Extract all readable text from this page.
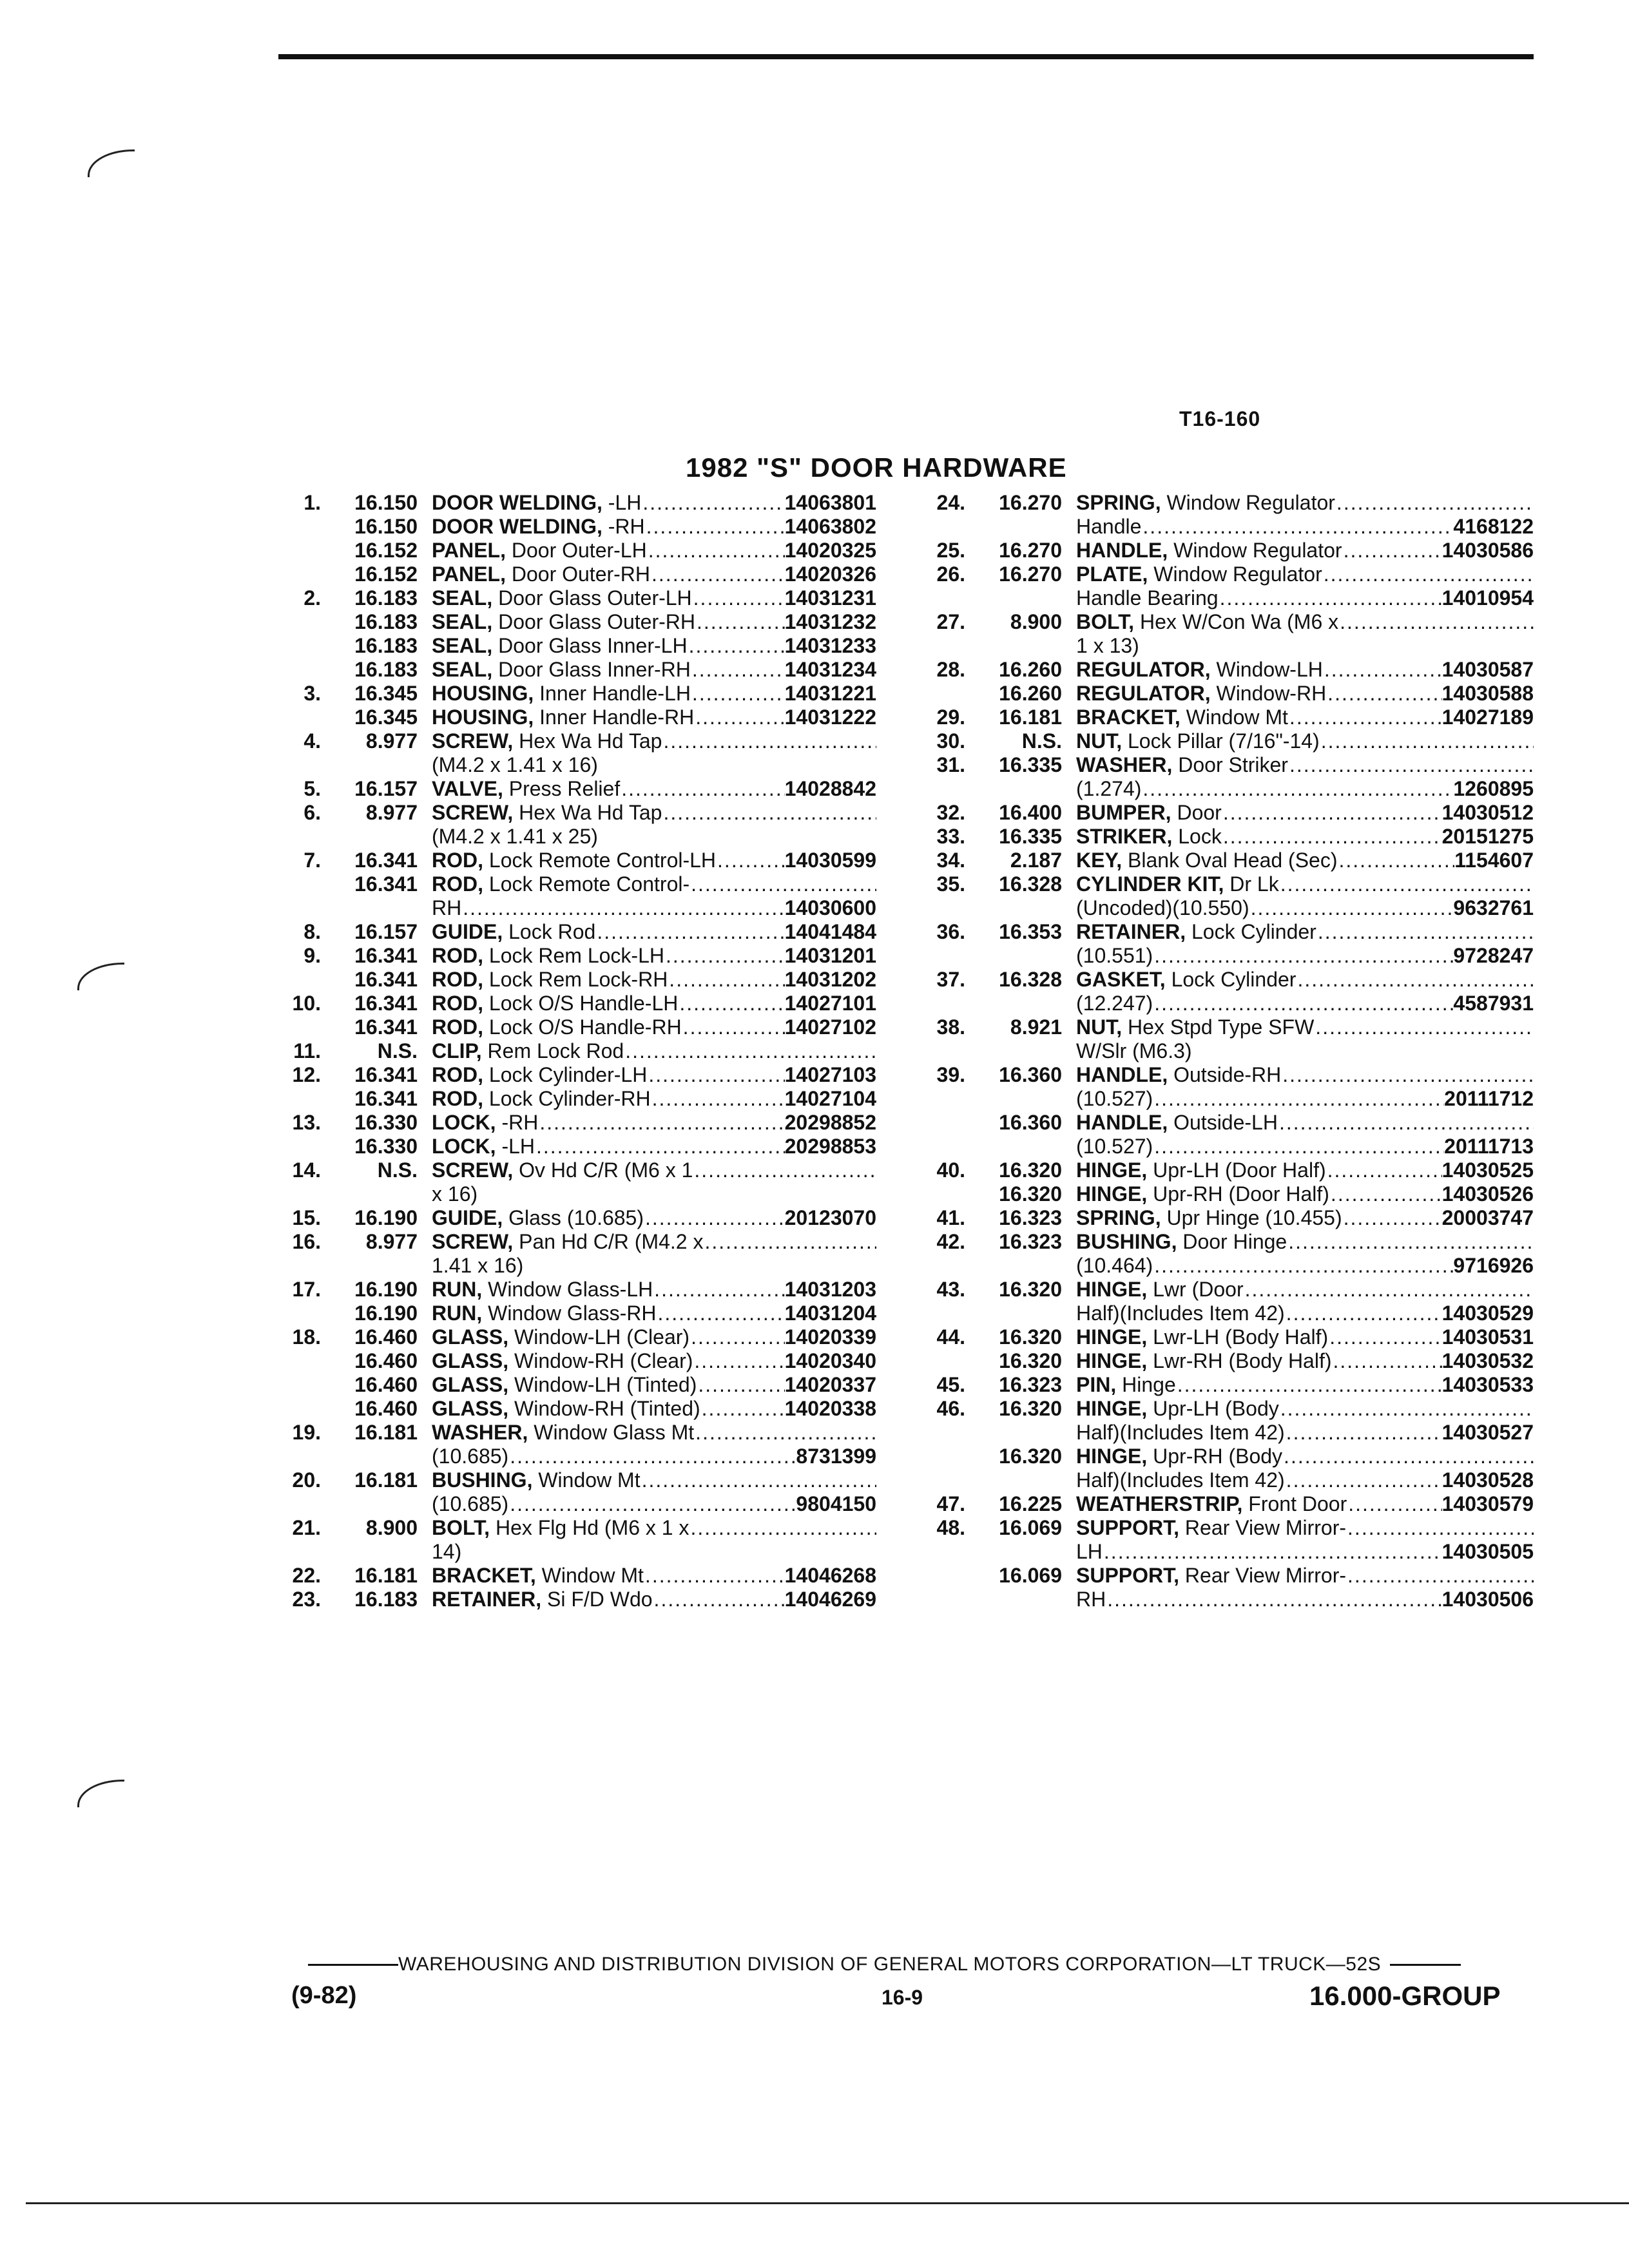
T16-160
1982 "S" DOOR HARDWARE
1.	16.150 DOOR WELDING, -LH .....	14063801
16.150 DOOR WELDING, -RH .....	14063802
16.152 PANEL, Door Outer-LH .....	14020325
16.152 PANEL, Door Outer-RH .....	14020326
2.	16.183 SEAL, Door Glass Outer-LH .....	14031231
16.183 SEAL, Door Glass Outer-RH .....	14031232
16.183 SEAL, Door Glass Inner-LH .....	14031233
16.183 SEAL, Door Glass Inner-RH .....	14031234
3.	16.345 HOUSING, Inner Handle-LH .....	14031221
16.345 HOUSING, Inner Handle-RH .....	14031222
4.	8.977 SCREW, Hex Wa Hd Tap
.....
(M4.2 x 1.41 x 16)
5.	16.157 VALVE, Press Relief .....	14028842
6.	8.977 SCREW, Hex Wa Hd Tap
.....
(M4.2 x 1.41 x 25)
7.	16.341 ROD, Lock Remote Control-LH .....	14030599
16.341 ROD, Lock Remote Control-
.....
RH .....	14030600
8.	16.157 GUIDE, Lock Rod .....	14041484
9.	16.341 ROD, Lock Rem Lock-LH .....	14031201
16.341 ROD, Lock Rem Lock-RH .....	14031202
10.	16.341 ROD, Lock O/S Handle-LH .....	14027101
16.341 ROD, Lock O/S Handle-RH .....	14027102
11.	N.S. CLIP, Rem Lock Rod
.....
12.	16.341 ROD, Lock Cylinder-LH .....	14027103
16.341 ROD, Lock Cylinder-RH .....	14027104
13.	16.330 LOCK, -RH .....	20298852
16.330 LOCK, -LH .....	20298853
14.	N.S. SCREW, Ov Hd C/R (M6 x 1
.....
x 16)
15.	16.190 GUIDE, Glass (10.685) .....	20123070
16.	8.977 SCREW, Pan Hd C/R (M4.2 x
.....
1.41 x 16)
17.	16.190 RUN, Window Glass-LH .....	14031203
16.190 RUN, Window Glass-RH .....	14031204
18.	16.460 GLASS, Window-LH (Clear) .....	14020339
16.460 GLASS, Window-RH (Clear) .....	14020340
16.460 GLASS, Window-LH (Tinted) .....	14020337
16.460 GLASS, Window-RH (Tinted) .....	14020338
19.	16.181 WASHER, Window Glass Mt
.....
(10.685) .....	8731399
20.	16.181 BUSHING, Window Mt
.....
(10.685) .....	9804150
21.	8.900 BOLT, Hex Flg Hd (M6 x 1 x
.....
14)
22.	16.181 BRACKET, Window Mt .....	14046268
23.	16.183 RETAINER, Si F/D Wdo .....	14046269
24.	16.270 SPRING, Window Regulator
.....
Handle .....	4168122
25.	16.270 HANDLE, Window Regulator .....	14030586
26.	16.270 PLATE, Window Regulator
.....
Handle Bearing .....	14010954
27.	8.900 BOLT, Hex W/Con Wa (M6 x
.....
1 x 13)
28.	16.260 REGULATOR, Window-LH .....	14030587
16.260 REGULATOR, Window-RH .....	14030588
29.	16.181 BRACKET, Window Mt .....	14027189
30.	N.S. NUT, Lock Pillar (7/16"-14)
.....
31.	16.335 WASHER, Door Striker
.....
(1.274) .....	1260895
32.	16.400 BUMPER, Door .....	14030512
33.	16.335 STRIKER, Lock .....	20151275
34.	2.187 KEY, Blank Oval Head (Sec) .....	1154607
35.	16.328 CYLINDER KIT, Dr Lk
.....
(Uncoded)(10.550) .....	9632761
36.	16.353 RETAINER, Lock Cylinder
.....
(10.551) .....	9728247
37.	16.328 GASKET, Lock Cylinder
.....
(12.247) .....	4587931
38.	8.921 NUT, Hex Stpd Type SFW
.....
W/Slr (M6.3)
39.	16.360 HANDLE, Outside-RH
.....
(10.527) .....	20111712
16.360 HANDLE, Outside-LH
.....
(10.527) .....	20111713
40.	16.320 HINGE, Upr-LH (Door Half) .....	14030525
16.320 HINGE, Upr-RH (Door Half) .....	14030526
41.	16.323 SPRING, Upr Hinge (10.455) .....	20003747
42.	16.323 BUSHING, Door Hinge
.....
(10.464) .....	9716926
43.	16.320 HINGE, Lwr (Door
.....
Half)(Includes Item 42) .....	14030529
44.	16.320 HINGE, Lwr-LH (Body Half) .....	14030531
16.320 HINGE, Lwr-RH (Body Half) .....	14030532
45.	16.323 PIN, Hinge .....	14030533
46.	16.320 HINGE, Upr-LH (Body
.....
Half)(Includes Item 42) .....	14030527
16.320 HINGE, Upr-RH (Body
.....
Half)(Includes Item 42) .....	14030528
47.	16.225 WEATHERSTRIP, Front Door .....	14030579
48.	16.069 SUPPORT, Rear View Mirror-
.....
LH .....	14030505
16.069 SUPPORT, Rear View Mirror-
.....
RH .....	14030506
WAREHOUSING AND DISTRIBUTION DIVISION OF GENERAL MOTORS CORPORATION—LT TRUCK—52S
(9-82)	16-9	16.000-GROUP
